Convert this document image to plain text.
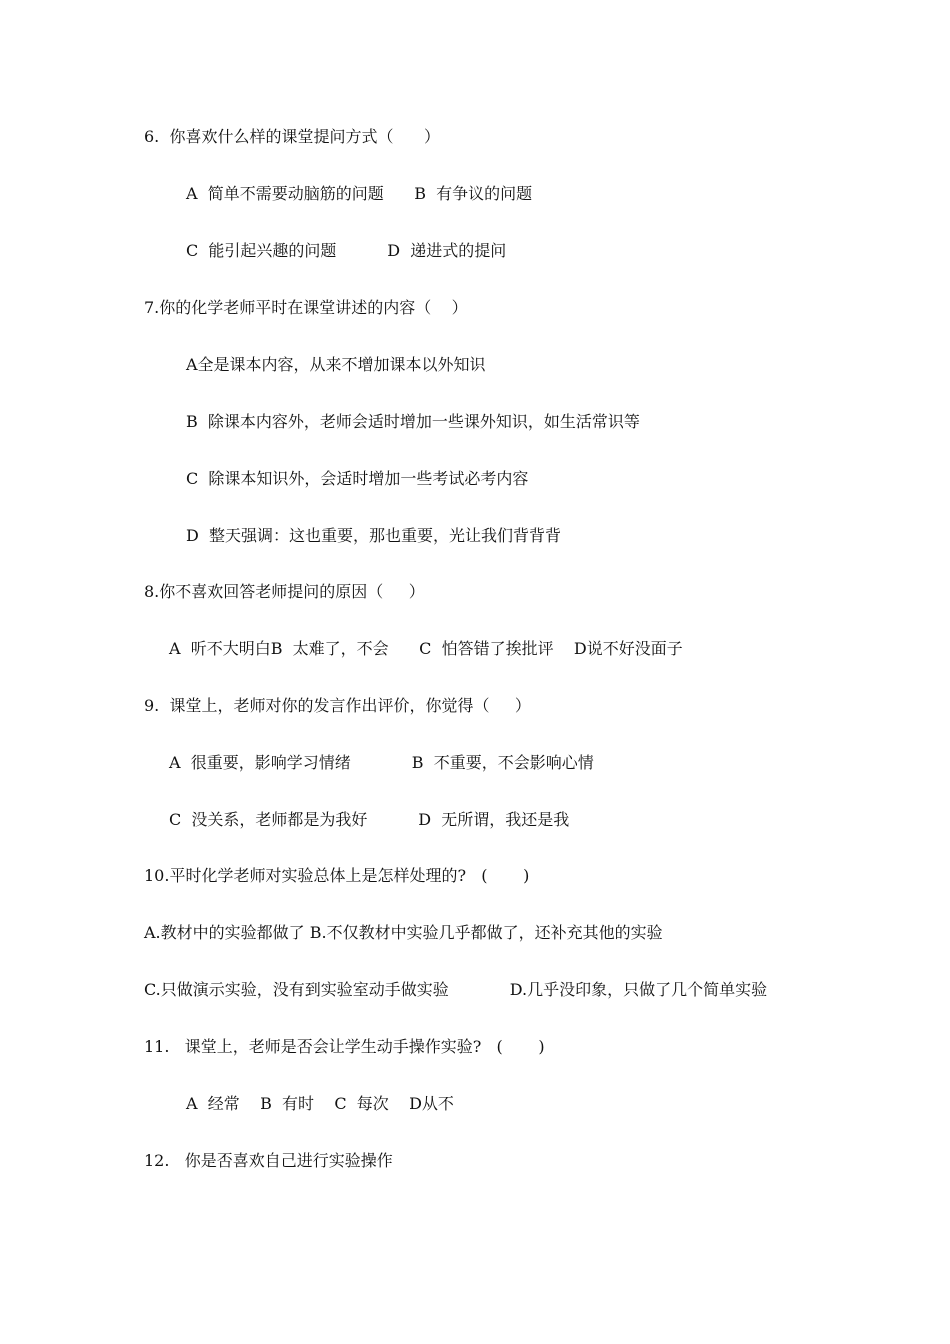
6.  你喜欢什么样的课堂提问方式（      ）
A  简单不需要动脑筋的问题      B  有争议的问题
C  能引起兴趣的问题          D  递进式的提问
7.你的化学老师平时在课堂讲述的内容（    ）
A全是课本内容，从来不增加课本以外知识
B  除课本内容外，老师会适时增加一些课外知识，如生活常识等
C  除课本知识外，会适时增加一些考试必考内容
D  整天强调：这也重要，那也重要，光让我们背背背
8.你不喜欢回答老师提问的原因（     ）
A  听不大明白B  太难了，不会      C  怕答错了挨批评    D说不好没面子
9.  课堂上，老师对你的发言作出评价，你觉得（     ）
A  很重要，影响学习情绪            B  不重要，不会影响心情
C  没关系，老师都是为我好          D  无所谓，我还是我
10.平时化学老师对实验总体上是怎样处理的?   (       )
A.教材中的实验都做了 B.不仅教材中实验几乎都做了，还补充其他的实验
C.只做演示实验，没有到实验室动手做实验            D.几乎没印象，只做了几个简单实验
11.   课堂上，老师是否会让学生动手操作实验?   (       )
A  经常    B  有时    C  每次    D从不
12.   你是否喜欢自己进行实验操作
